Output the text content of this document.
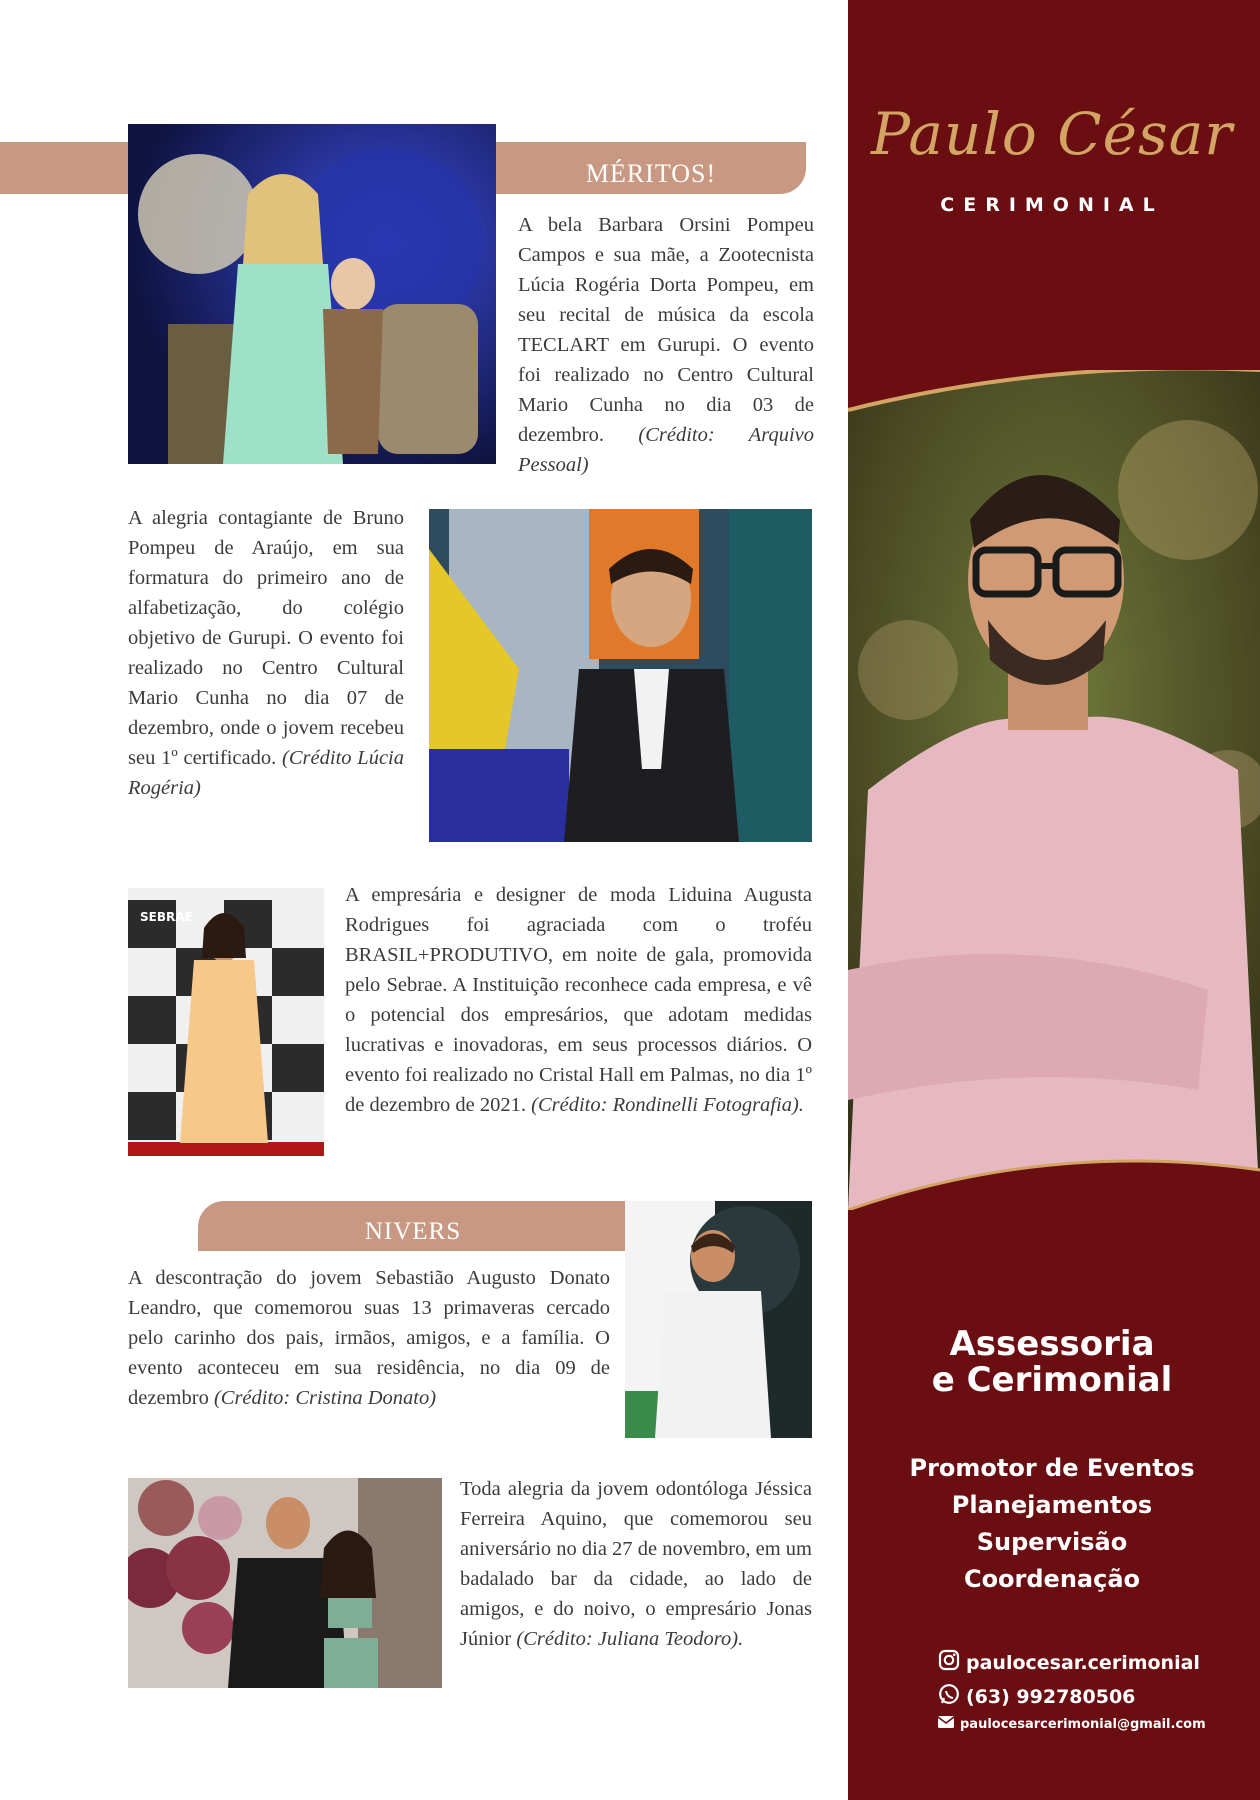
MÉRITOS!
A bela Barbara Orsini Pompeu Campos e sua mãe, a Zootecnista Lúcia Rogéria Dorta Pompeu, em seu recital de música da escola TECLART em Gurupi. O evento foi realizado no Centro Cultural Mario Cunha no dia 03 de dezembro. (Crédito: Arquivo Pessoal)
A alegria contagiante de Bruno Pompeu de Araújo, em sua formatura do primeiro ano de alfabetização, do colégio objetivo de Gurupi. O evento foi realizado no Centro Cultural Mario Cunha no dia 07 de dezembro, onde o jovem recebeu seu 1º certificado. (Crédito Lúcia Rogéria)
SEBRAE
A empresária e designer de moda Liduina Augusta Rodrigues foi agraciada com o troféu BRASIL+PRODUTIVO, em noite de gala, promovida pelo Sebrae. A Instituição reconhece cada empresa, e vê o potencial dos empresários, que adotam medidas lucrativas e inovadoras, em seus processos diários. O evento foi realizado no Cristal Hall em Palmas, no dia 1º de dezembro de 2021. (Crédito: Rondinelli Fotografia).
NIVERS
A descontração do jovem Sebastião Augusto Donato Leandro, que comemorou suas 13 primaveras cercado pelo carinho dos pais, irmãos, amigos, e a família. O evento aconteceu em sua residência, no dia 09 de dezembro (Crédito: Cristina Donato)
Toda alegria da jovem odontóloga Jéssica Ferreira Aquino, que comemorou seu aniversário no dia 27 de novembro, em um badalado bar da cidade, ao lado de amigos, e do noivo, o empresário Jonas Júnior (Crédito: Juliana Teodoro).
Paulo César
CERIMONIAL
Assessoria
e Cerimonial
Promotor de Eventos
Planejamentos
Supervisão
Coordenação
paulocesar.cerimonial
(63) 992780506
paulocesarcerimonial@gmail.com
